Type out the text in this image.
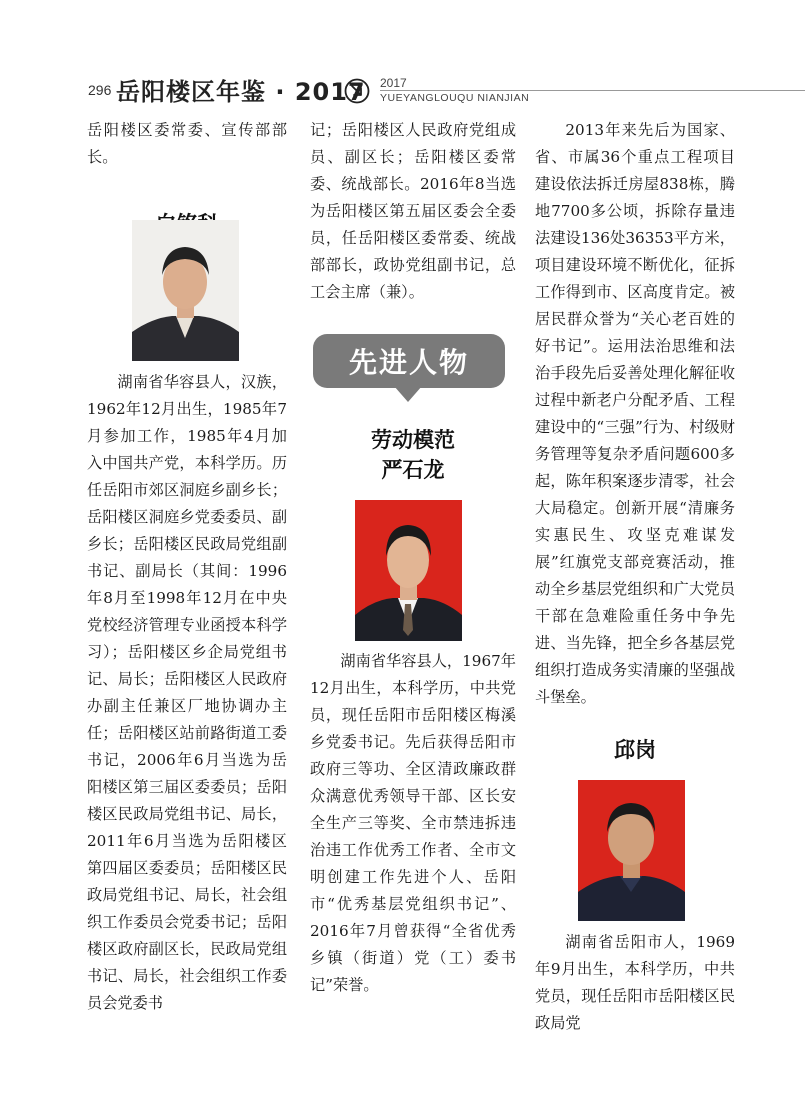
296 岳阳楼区年鉴 · 2017 2017
YUEYANGLOUQU NIANJIAN

岳阳楼区委常委、宣传部部长。

湖南省华容县人，汉族，1962年12月出生，1985年7月参加工作，1985年4月加入中国共产党，本科学历。历任岳阳市郊区洞庭乡副乡长；岳阳楼区洞庭乡党委委员、副乡长；岳阳楼区民政局党组副书记、副局长（其间：1996年8月至1998年12月在中央党校经济管理专业函授本科学习）；岳阳楼区乡企局党组书记、局长；岳阳楼区人民政府办副主任兼区厂地协调办主任；岳阳楼区站前路街道工委书记，2006年6月当选为岳阳楼区第三届区委委员；岳阳楼区民政局党组书记、局长，2011年6月当选为岳阳楼区第四届区委委员；岳阳楼区民政局党组书记、局长，社会组织工作委员会党委书记；岳阳楼区政府副区长，民政局党组书记、局长，社会组织工作委员会党委书

记；岳阳楼区人民政府党组成员、副区长；岳阳楼区委常委、统战部长。2016年8当选为岳阳楼区第五届区委会全委员，任岳阳楼区委常委、统战部部长，政协党组副书记，总工会主席（兼）。

先进人物
劳动模范
严石龙

湖南省华容县人，1967年12月出生，本科学历，中共党员，现任岳阳市岳阳楼区梅溪乡党委书记。先后获得岳阳市政府三等功、全区清政廉政群众满意优秀领导干部、区长安全生产三等奖、全市禁违拆违治违工作优秀工作者、全市文明创建工作先进个人、岳阳市“优秀基层党组织书记”、2016年7月曾获得“全省优秀乡镇（街道）党（工）委书记”荣誉。

2013年来先后为国家、省、市属36个重点工程项目建设依法拆迁房屋838栋，腾地7700多公顷，拆除存量违法建设136处36353平方米，项目建设环境不断优化，征拆工作得到市、区高度肯定。被居民群众誉为“关心老百姓的好书记”。运用法治思维和法治手段先后妥善处理化解征收过程中新老户分配矛盾、工程建设中的“三强”行为、村级财务管理等复杂矛盾问题600多起，陈年积案逐步清零，社会大局稳定。创新开展“清廉务实惠民生、攻坚克难谋发展”红旗党支部竞赛活动，推动全乡基层党组织和广大党员干部在急难险重任务中争先进、当先锋，把全乡各基层党组织打造成务实清廉的坚强战斗堡垒。

邱岗

湖南省岳阳市人，1969年9月出生，本科学历，中共党员，现任岳阳市岳阳楼区民政局党
